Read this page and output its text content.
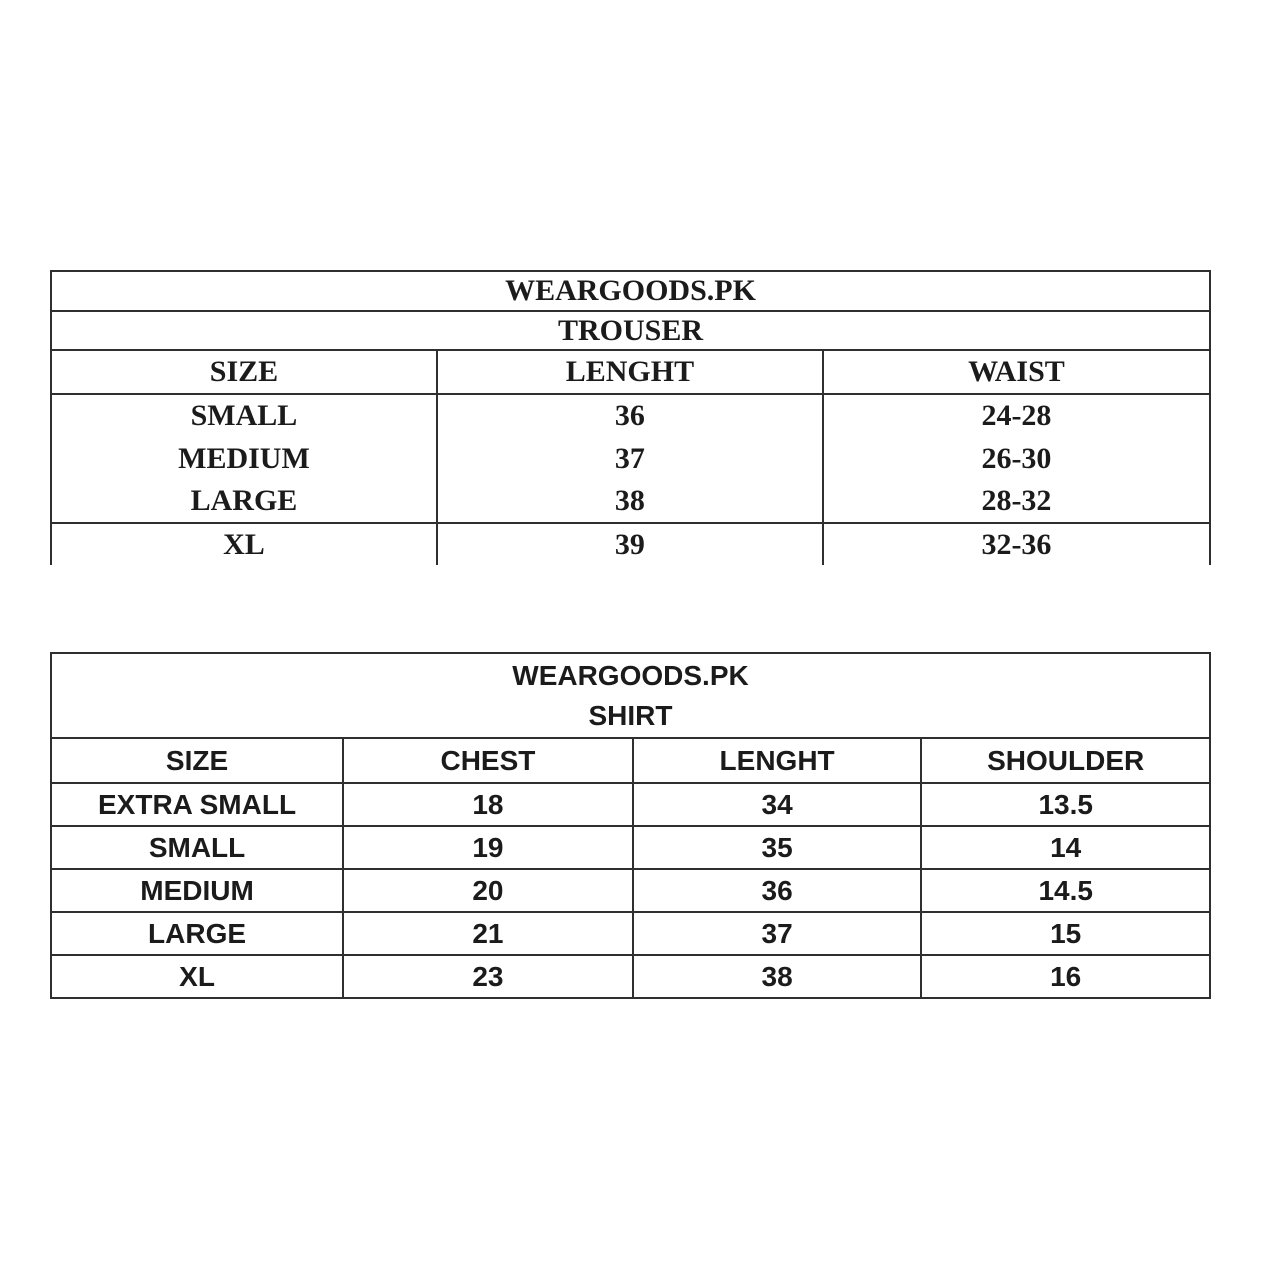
WEARGOODS.PK		
TROUSER		
SIZE	LENGHT	WAIST
SMALL	36	24-28
MEDIUM	37	26-30
LARGE	38	28-32
XL	39	32-36
WEARGOODS.PK
SHIRT			

SIZE	CHEST	LENGHT	SHOULDER
EXTRA SMALL	18	34	13.5
SMALL	19	35	14
MEDIUM	20	36	14.5
LARGE	21	37	15
XL	23	38	16
